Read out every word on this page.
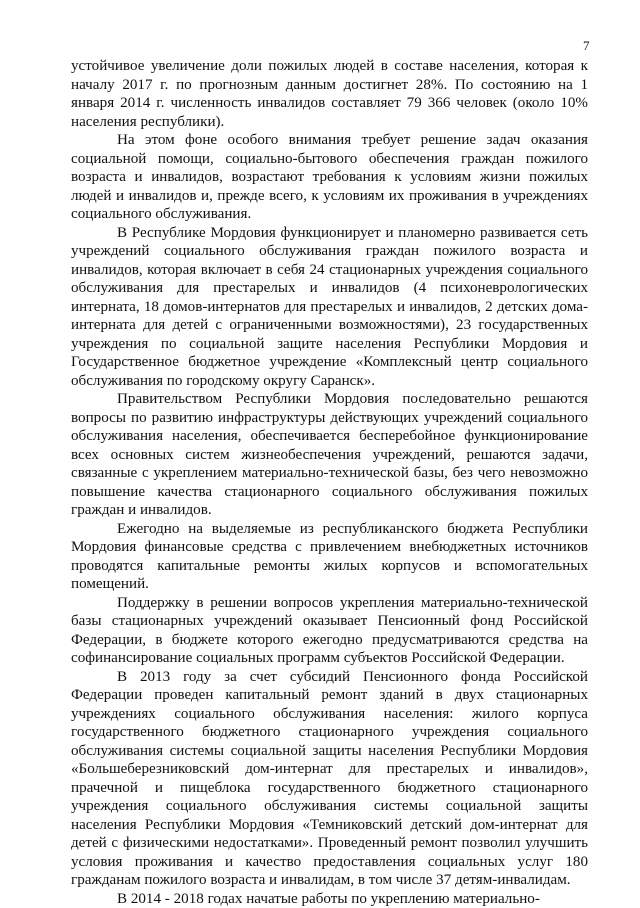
7

устойчивое увеличение доли пожилых людей в составе населения, которая к началу 2017 г. по прогнозным данным достигнет 28%. По состоянию на 1 января 2014 г. численность инвалидов составляет 79 366 человек (около 10% населения республики).

На этом фоне особого внимания требует решение задач оказания социальной помощи, социально-бытового обеспечения граждан пожилого возраста и инвалидов, возрастают требования к условиям жизни пожилых людей и инвалидов и, прежде всего, к условиям их проживания в учреждениях социального обслуживания.

В Республике Мордовия функционирует и планомерно развивается сеть учреждений социального обслуживания граждан пожилого возраста и инвалидов, которая включает в себя 24 стационарных учреждения социального обслуживания для престарелых и инвалидов (4 психоневрологических интерната, 18 домов-интернатов для престарелых и инвалидов, 2 детских дома-интерната для детей с ограниченными возможностями), 23 государственных учреждения по социальной защите населения Республики Мордовия и Государственное бюджетное учреждение «Комплексный центр социального обслуживания по городскому округу Саранск».

Правительством Республики Мордовия последовательно решаются вопросы по развитию инфраструктуры действующих учреждений социального обслуживания населения, обеспечивается бесперебойное функционирование всех основных систем жизнеобеспечения учреждений, решаются задачи, связанные с укреплением материально-технической базы, без чего невозможно повышение качества стационарного социального обслуживания пожилых граждан и инвалидов.

Ежегодно на выделяемые из республиканского бюджета Республики Мордовия финансовые средства с привлечением внебюджетных источников проводятся капитальные ремонты жилых корпусов и вспомогательных помещений.

Поддержку в решении вопросов укрепления материально-технической базы стационарных учреждений оказывает Пенсионный фонд Российской Федерации, в бюджете которого ежегодно предусматриваются средства на софинансирование социальных программ субъектов Российской Федерации.

В 2013 году за счет субсидий Пенсионного фонда Российской Федерации проведен капитальный ремонт зданий в двух стационарных учреждениях социального обслуживания населения: жилого корпуса государственного бюджетного стационарного учреждения социального обслуживания системы социальной защиты населения Республики Мордовия «Большеберезниковский дом-интернат для престарелых и инвалидов», прачечной и пищеблока государственного бюджетного стационарного учреждения социального обслуживания системы социальной защиты населения Республики Мордовия «Темниковский детский дом-интернат для детей с физическими недостатками». Проведенный ремонт позволил улучшить условия проживания и качество предоставления социальных услуг 180 гражданам пожилого возраста и инвалидам, в том числе 37 детям-инвалидам.

В 2014 - 2018 годах начатые работы по укреплению материально-
